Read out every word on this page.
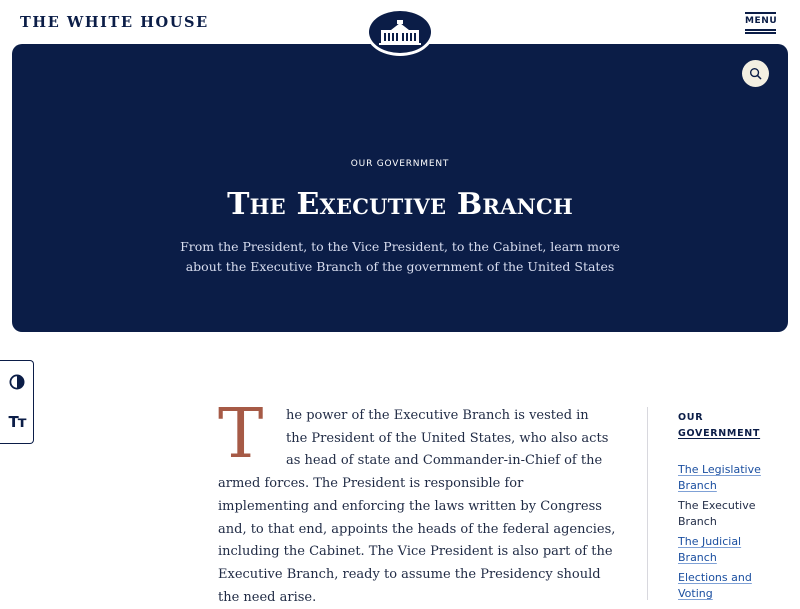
THE WHITE HOUSE	MENU
OUR GOVERNMENT
The Executive Branch

From the President, to the Vice President, to the Cabinet, learn more about the Executive Branch of the government of the United States

Tт	T	he power of the Executive Branch is vested in

the President of the United States, who also acts

as head of state and Commander-in-Chief of the

armed forces. The President is responsible for

implementing and enforcing the laws written by Congress

and, to that end, appoints the heads of the federal agencies,

including the Cabinet. The Vice President is also part of the

Executive Branch, ready to assume the Presidency should

the need arise.

OUR
GOVERNMENT

The Legislative
Branch
The Executive
Branch
The Judicial
Branch
Elections and
Voting
